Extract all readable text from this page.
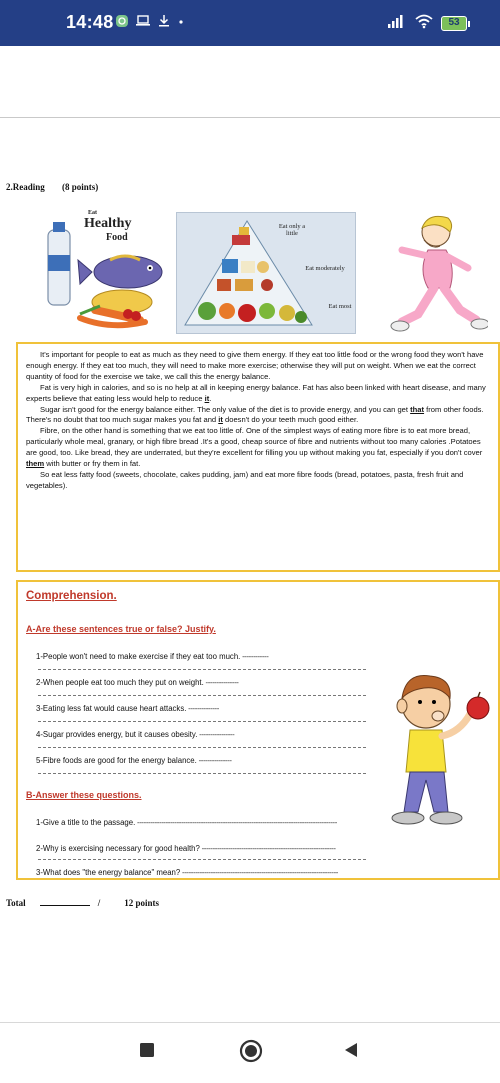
14:48	53
2.Reading (8 points)
Eat
Healthy
Food
Eat only a little
Eat moderately
Eat most

It's important for people to eat as much as they need to give them energy. If they eat too little food or the wrong food they won't have enough energy. If they eat too much, they will need to make more exercise; otherwise they will put on weight. When we eat the correct quantity of food for the exercise we take, we call this the energy balance.

Fat is very high in calories, and so is no help at all in keeping energy balance. Fat has also been linked with heart disease, and many experts believe that eating less would help to reduce it.

Sugar isn't good for the energy balance either. The only value of the diet is to provide energy, and you can get that from other foods. There's no doubt that too much sugar makes you fat and it doesn't do your teeth much good either.

Fibre, on the other hand is something that we eat too little of. One of the simplest ways of eating more fibre is to eat more bread, particularly whole meal, granary, or high fibre bread .It's a good, cheap source of fibre and nutrients without too many calories .Potatoes are good, too. Like bread, they are underrated, but they're excellent for filling you up without making you fat, especially if you don't cover them with butter or fry them in fat.

So eat less fatty food (sweets, chocolate, cakes pudding, jam) and eat more fibre foods (bread, potatoes, pasta, fresh fruit and vegetables).

Comprehension.
A-Are these sentences true or false? Justify.
1-People won't need to make exercise if they eat too much. ------------
2-When people eat too much they put on weight. ---------------
3-Eating less fat would cause heart attacks. --------------
4-Sugar provides energy, but it causes obesity. ----------------
5-Fibre foods are good for the energy balance. ---------------
B-Answer these questions.
1-Give a title to the passage. -------------------------------------------------------------------------------------------
2-Why is exercising necessary for good health? -------------------------------------------------------------
3-What does "the energy balance" mean? -----------------------------------------------------------------------
Total	/	12 points
